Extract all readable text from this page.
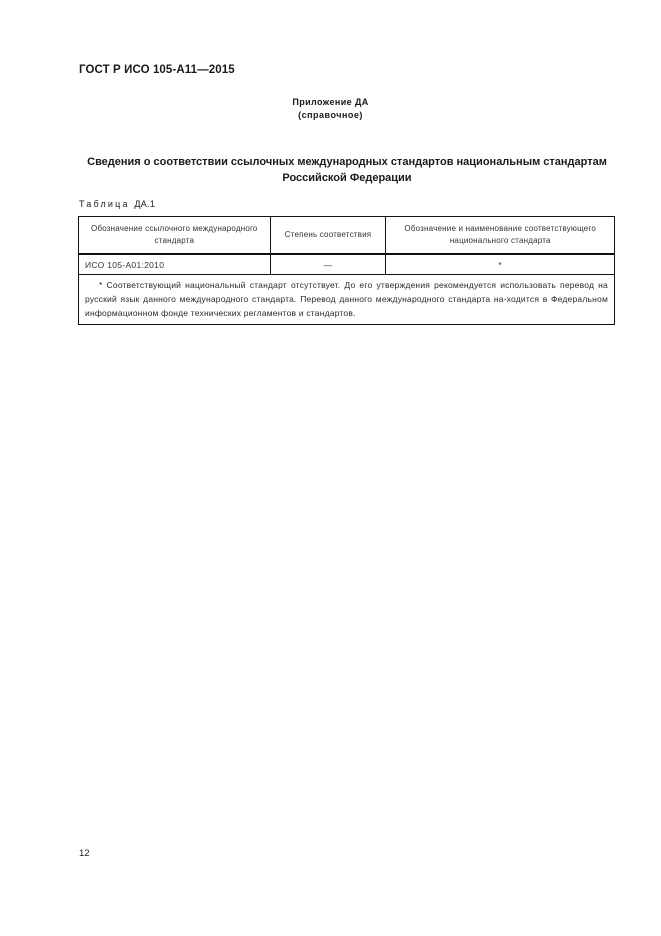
ГОСТ Р ИСО 105-А11—2015
Приложение ДА
(справочное)
Сведения о соответствии ссылочных международных стандартов национальным стандартам Российской Федерации
Таблица ДА.1
Обозначение ссылочного международного стандарта	Степень соответствия	Обозначение и наименование соответствующего национального стандарта
ИСО 105-А01:2010	—	*
* Соответствующий национальный стандарт отсутствует. До его утверждения рекомендуется использовать перевод на русский язык данного международного стандарта. Перевод данного международного стандарта на-ходится в Федеральном информационном фонде технических регламентов и стандартов.		
12
